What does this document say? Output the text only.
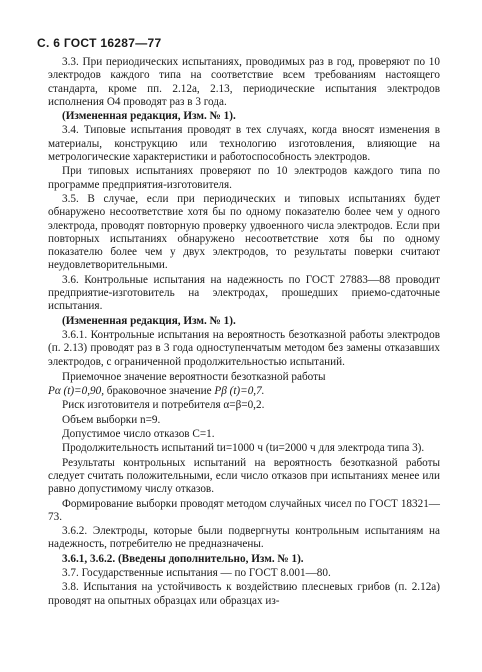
С. 6 ГОСТ 16287—77

3.3. При периодических испытаниях, проводимых раз в год, проверяют по 10 электродов каждого типа на соответствие всем требованиям настоящего стандарта, кроме пп. 2.12а, 2.13, периодические испытания электродов исполнения О4 проводят раз в 3 года.

(Измененная редакция, Изм. № 1).

3.4. Типовые испытания проводят в тех случаях, когда вносят изменения в материалы, конструкцию или технологию изготовления, влияющие на метрологические характеристики и работоспособность электродов.

При типовых испытаниях проверяют по 10 электродов каждого типа по программе предприятия-изготовителя.

3.5. В случае, если при периодических и типовых испытаниях будет обнаружено несоответствие хотя бы по одному показателю более чем у одного электрода, проводят повторную проверку удвоенного числа электродов. Если при повторных испытаниях обнаружено несоответствие хотя бы по одному показателю более чем у двух электродов, то результаты поверки считают неудовлетворительными.

3.6. Контрольные испытания на надежность по ГОСТ 27883—88 проводит предприятие-изготовитель на электродах, прошедших приемо-сдаточные испытания.

(Измененная редакция, Изм. № 1).

3.6.1. Контрольные испытания на вероятность безотказной работы электродов (п. 2.13) проводят раз в 3 года одноступенчатым методом без замены отказавших электродов, с ограниченной продолжительностью испытаний.

Приемочное значение вероятности безотказной работы

Pα (t)=0,90, браковочное значение Pβ (t)=0,7.

Риск изготовителя и потребителя α=β=0,2.

Объем выборки n=9.

Допустимое число отказов C=1.

Продолжительность испытаний tи=1000 ч (tи=2000 ч для электрода типа 3).

Результаты контрольных испытаний на вероятность безотказной работы следует считать положительными, если число отказов при испытаниях менее или равно допустимому числу отказов.

Формирование выборки проводят методом случайных чисел по ГОСТ 18321—73.

3.6.2. Электроды, которые были подвергнуты контрольным испытаниям на надежность, потребителю не предназначены.

3.6.1, 3.6.2. (Введены дополнительно, Изм. № 1).

3.7. Государственные испытания — по ГОСТ 8.001—80.

3.8. Испытания на устойчивость к воздействию плесневых грибов (п. 2.12а) проводят на опытных образцах или образцах из-
